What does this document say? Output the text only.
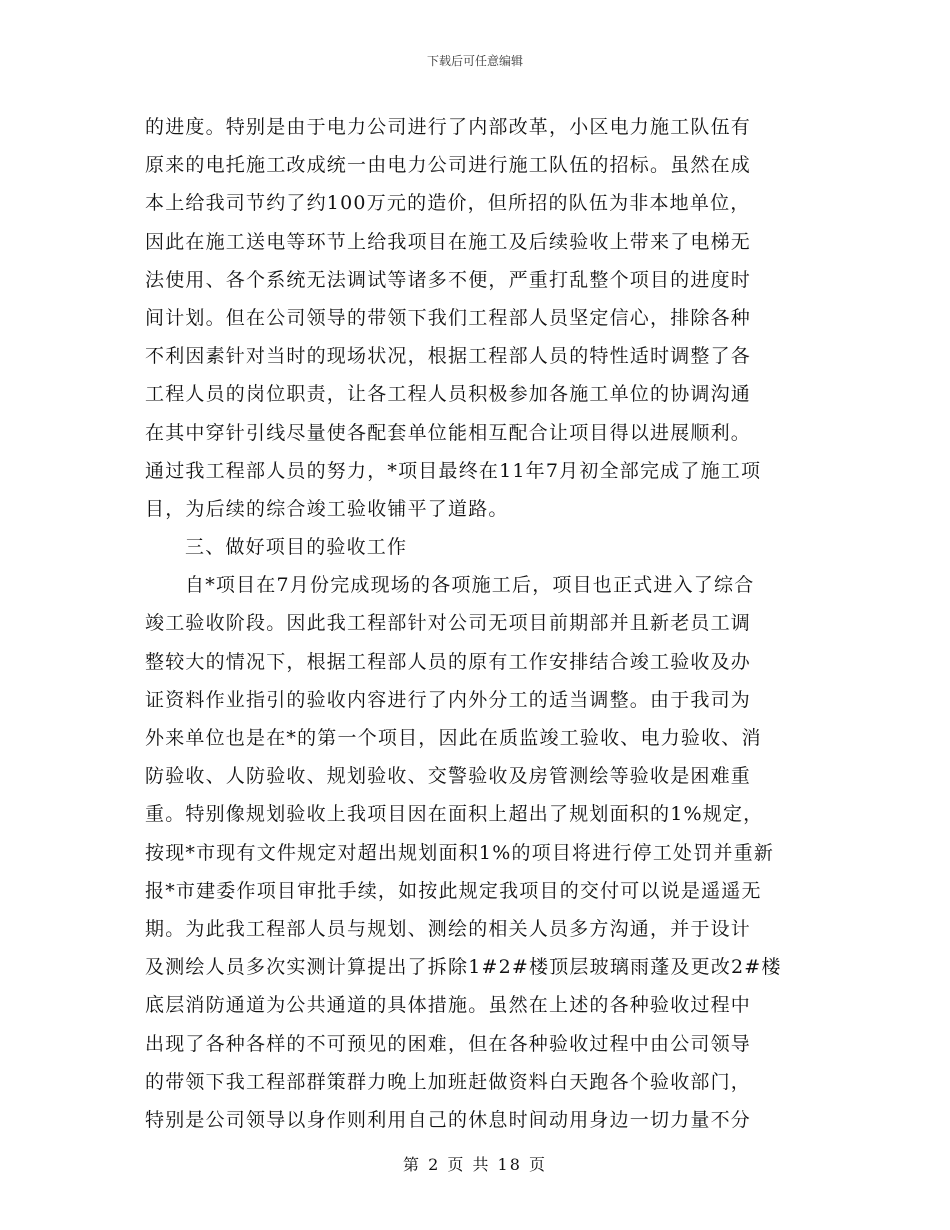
下载后可任意编辑
的进度。特别是由于电力公司进行了内部改革，小区电力施工队伍有
原来的电托施工改成统一由电力公司进行施工队伍的招标。虽然在成
本上给我司节约了约100万元的造价，但所招的队伍为非本地单位，
因此在施工送电等环节上给我项目在施工及后续验收上带来了电梯无
法使用、各个系统无法调试等诸多不便，严重打乱整个项目的进度时
间计划。但在公司领导的带领下我们工程部人员坚定信心，排除各种
不利因素针对当时的现场状况，根据工程部人员的特性适时调整了各
工程人员的岗位职责，让各工程人员积极参加各施工单位的协调沟通
在其中穿针引线尽量使各配套单位能相互配合让项目得以进展顺利。
通过我工程部人员的努力，*项目最终在11年7月初全部完成了施工项
目，为后续的综合竣工验收铺平了道路。
三、做好项目的验收工作
自*项目在7月份完成现场的各项施工后，项目也正式进入了综合
竣工验收阶段。因此我工程部针对公司无项目前期部并且新老员工调
整较大的情况下，根据工程部人员的原有工作安排结合竣工验收及办
证资料作业指引的验收内容进行了内外分工的适当调整。由于我司为
外来单位也是在*的第一个项目，因此在质监竣工验收、电力验收、消
防验收、人防验收、规划验收、交警验收及房管测绘等验收是困难重
重。特别像规划验收上我项目因在面积上超出了规划面积的1%规定，
按现*市现有文件规定对超出规划面积1%的项目将进行停工处罚并重新
报*市建委作项目审批手续，如按此规定我项目的交付可以说是遥遥无
期。为此我工程部人员与规划、测绘的相关人员多方沟通，并于设计
及测绘人员多次实测计算提出了拆除1#2#楼顶层玻璃雨蓬及更改2#楼
底层消防通道为公共通道的具体措施。虽然在上述的各种验收过程中
出现了各种各样的不可预见的困难，但在各种验收过程中由公司领导
的带领下我工程部群策群力晚上加班赶做资料白天跑各个验收部门，
特别是公司领导以身作则利用自己的休息时间动用身边一切力量不分
第 2 页 共 18 页
